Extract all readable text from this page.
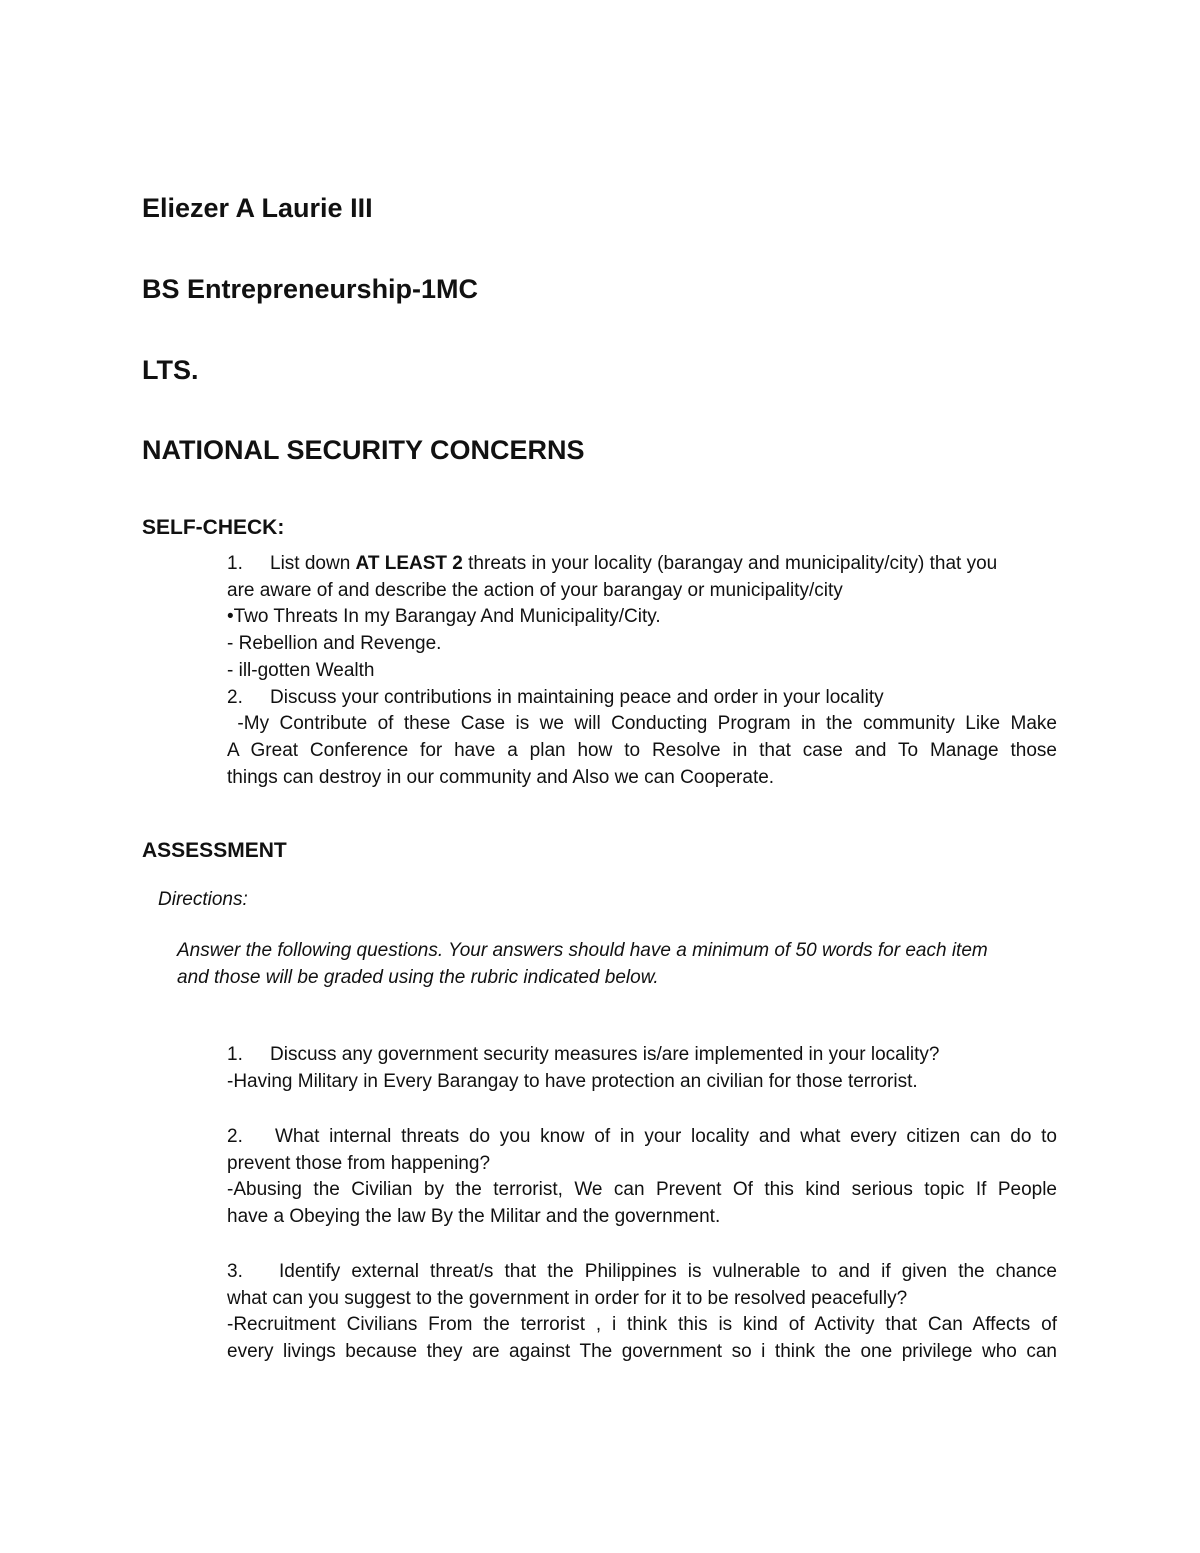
Eliezer A Laurie III
BS Entrepreneurship-1MC
LTS.
NATIONAL SECURITY CONCERNS
SELF-CHECK:
1. List down AT LEAST 2 threats in your locality (barangay and municipality/city) that you
are aware of and describe the action of your barangay or municipality/city
•Two Threats In my Barangay And Municipality/City.
- Rebellion and Revenge.
- ill-gotten Wealth
2. Discuss your contributions in maintaining peace and order in your locality
-My Contribute of these Case is we will Conducting Program in the community Like Make
A Great Conference for have a plan how to Resolve in that case and To Manage those
things can destroy in our community and Also we can Cooperate.
ASSESSMENT
Directions:
Answer the following questions. Your answers should have a minimum of 50 words for each item
and those will be graded using the rubric indicated below.
1. Discuss any government security measures is/are implemented in your locality?
-Having Military in Every Barangay to have protection an civilian for those terrorist.
2. What internal threats do you know of in your locality and what every citizen can do to
prevent those from happening?
-Abusing the Civilian by the terrorist, We can Prevent Of this kind serious topic If People
have a Obeying the law By the Militar and the government.
3. Identify external threat/s that the Philippines is vulnerable to and if given the chance
what can you suggest to the government in order for it to be resolved peacefully?
-Recruitment Civilians From the terrorist , i think this is kind of Activity that Can Affects of
every livings because they are against The government so i think the one privilege who can
